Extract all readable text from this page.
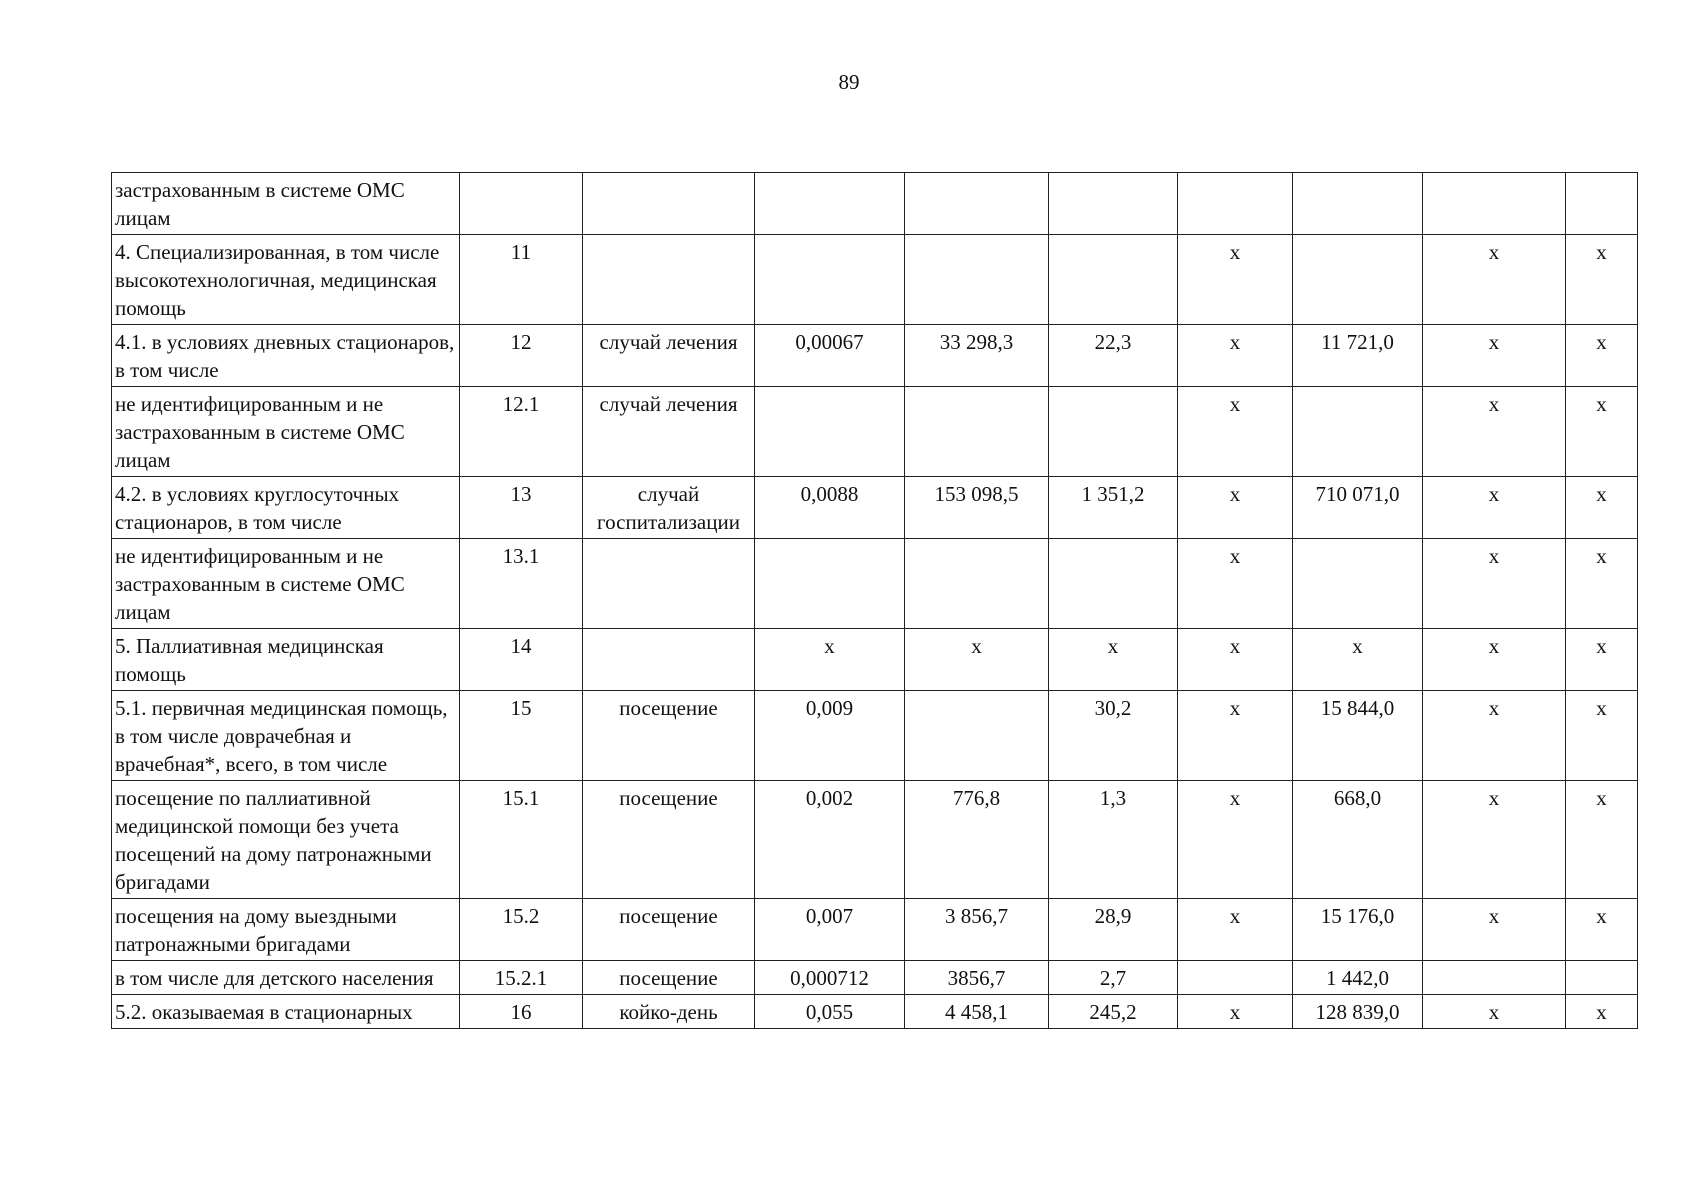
89
застрахованным в системе ОМС лицам									
4. Специализированная, в том числе высокотехнологичная, медицинская помощь	11					х		х	х
4.1. в условиях дневных стационаров, в том числе	12	случай лечения	0,00067	33 298,3	22,3	х	11 721,0	х	х
не идентифицированным и не застрахованным в системе ОМС лицам	12.1	случай лечения				х		х	х
4.2. в условиях круглосуточных стационаров, в том числе	13	случай госпитализации	0,0088	153 098,5	1 351,2	х	710 071,0	х	х
не идентифицированным и не застрахованным в системе ОМС лицам	13.1					х		х	х
5. Паллиативная медицинская помощь	14		х	х	х	х	х	х	х
5.1. первичная медицинская помощь, в том числе доврачебная и врачебная*, всего, в том числе	15	посещение	0,009		30,2	х	15 844,0	х	х
посещение по паллиативной медицинской помощи без учета посещений на дому патронажными бригадами	15.1	посещение	0,002	776,8	1,3	х	668,0	х	х
посещения на дому выездными патронажными бригадами	15.2	посещение	0,007	3 856,7	28,9	х	15 176,0	х	х
в том числе для детского населения	15.2.1	посещение	0,000712	3856,7	2,7		1 442,0		
5.2. оказываемая в стационарных	16	койко-день	0,055	4 458,1	245,2	х	128 839,0	х	х
